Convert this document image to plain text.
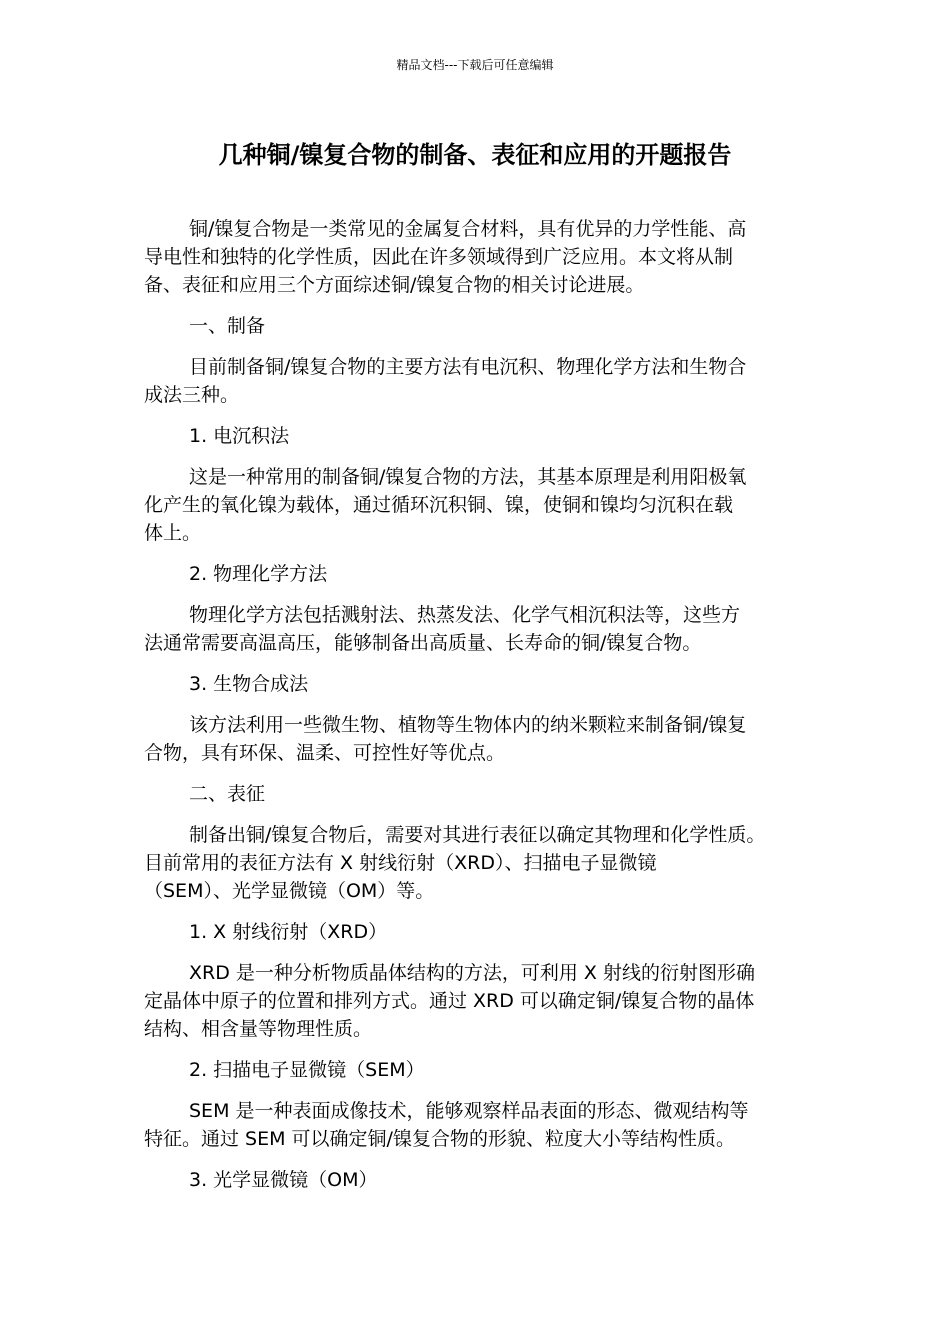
精品文档---下载后可任意编辑
几种铜/镍复合物的制备、表征和应用的开题报告

铜/镍复合物是一类常见的金属复合材料，具有优异的力学性能、高
导电性和独特的化学性质，因此在许多领域得到广泛应用。本文将从制
备、表征和应用三个方面综述铜/镍复合物的相关讨论进展。

一、制备

目前制备铜/镍复合物的主要方法有电沉积、物理化学方法和生物合
成法三种。

1. 电沉积法

这是一种常用的制备铜/镍复合物的方法，其基本原理是利用阳极氧
化产生的氧化镍为载体，通过循环沉积铜、镍，使铜和镍均匀沉积在载
体上。

2. 物理化学方法

物理化学方法包括溅射法、热蒸发法、化学气相沉积法等，这些方
法通常需要高温高压，能够制备出高质量、长寿命的铜/镍复合物。

3. 生物合成法

该方法利用一些微生物、植物等生物体内的纳米颗粒来制备铜/镍复
合物，具有环保、温柔、可控性好等优点。

二、表征

制备出铜/镍复合物后，需要对其进行表征以确定其物理和化学性质。
目前常用的表征方法有 X 射线衍射（XRD）、扫描电子显微镜
（SEM）、光学显微镜（OM）等。

1. X 射线衍射（XRD）

XRD 是一种分析物质晶体结构的方法，可利用 X 射线的衍射图形确
定晶体中原子的位置和排列方式。通过 XRD 可以确定铜/镍复合物的晶体
结构、相含量等物理性质。

2. 扫描电子显微镜（SEM）

SEM 是一种表面成像技术，能够观察样品表面的形态、微观结构等
特征。通过 SEM 可以确定铜/镍复合物的形貌、粒度大小等结构性质。

3. 光学显微镜（OM）
